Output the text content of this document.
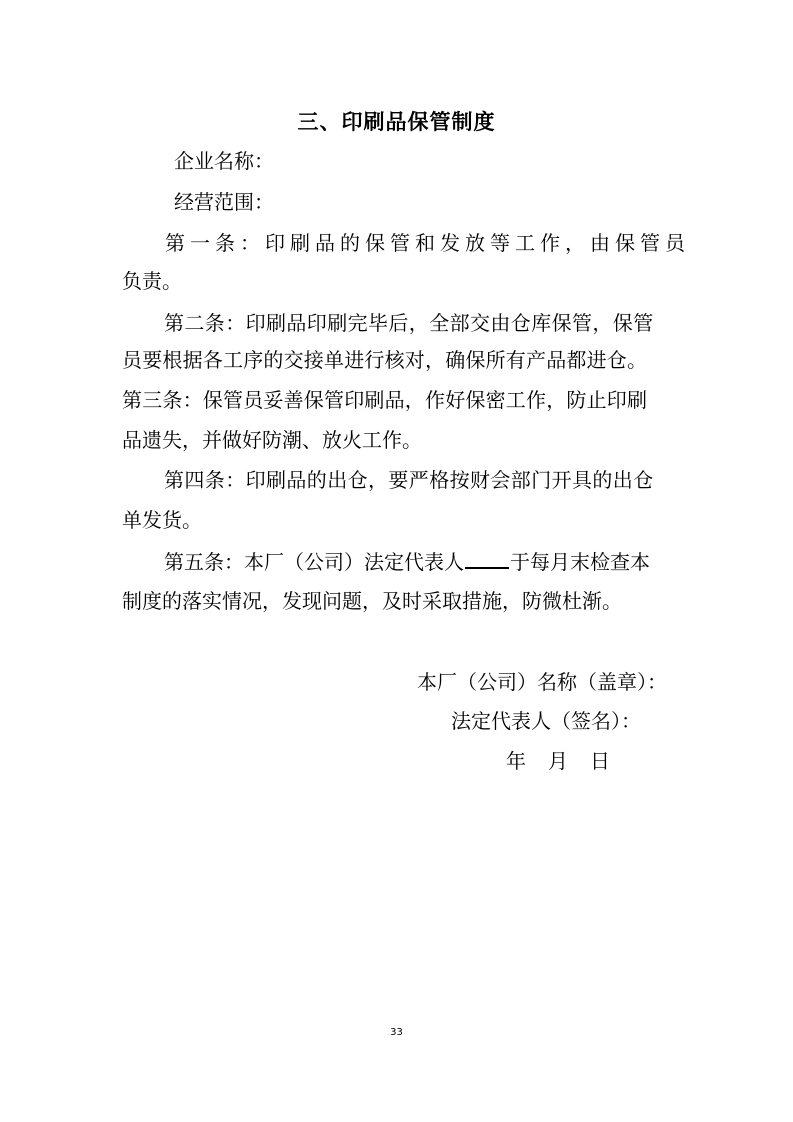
三、印刷品保管制度
企业名称：
经营范围：
第一条：印刷品的保管和发放等工作，由保管员
负责。
第二条：印刷品印刷完毕后，全部交由仓库保管，保管
员要根据各工序的交接单进行核对，确保所有产品都进仓。
第三条：保管员妥善保管印刷品，作好保密工作，防止印刷
品遗失，并做好防潮、放火工作。
第四条：印刷品的出仓，要严格按财会部门开具的出仓
单发货。
第五条：本厂（公司）法定代表人 于每月末检查本
制度的落实情况，发现问题，及时采取措施，防微杜渐。
本厂（公司）名称（盖章）：
法定代表人（签名）：
年 月 日
33
